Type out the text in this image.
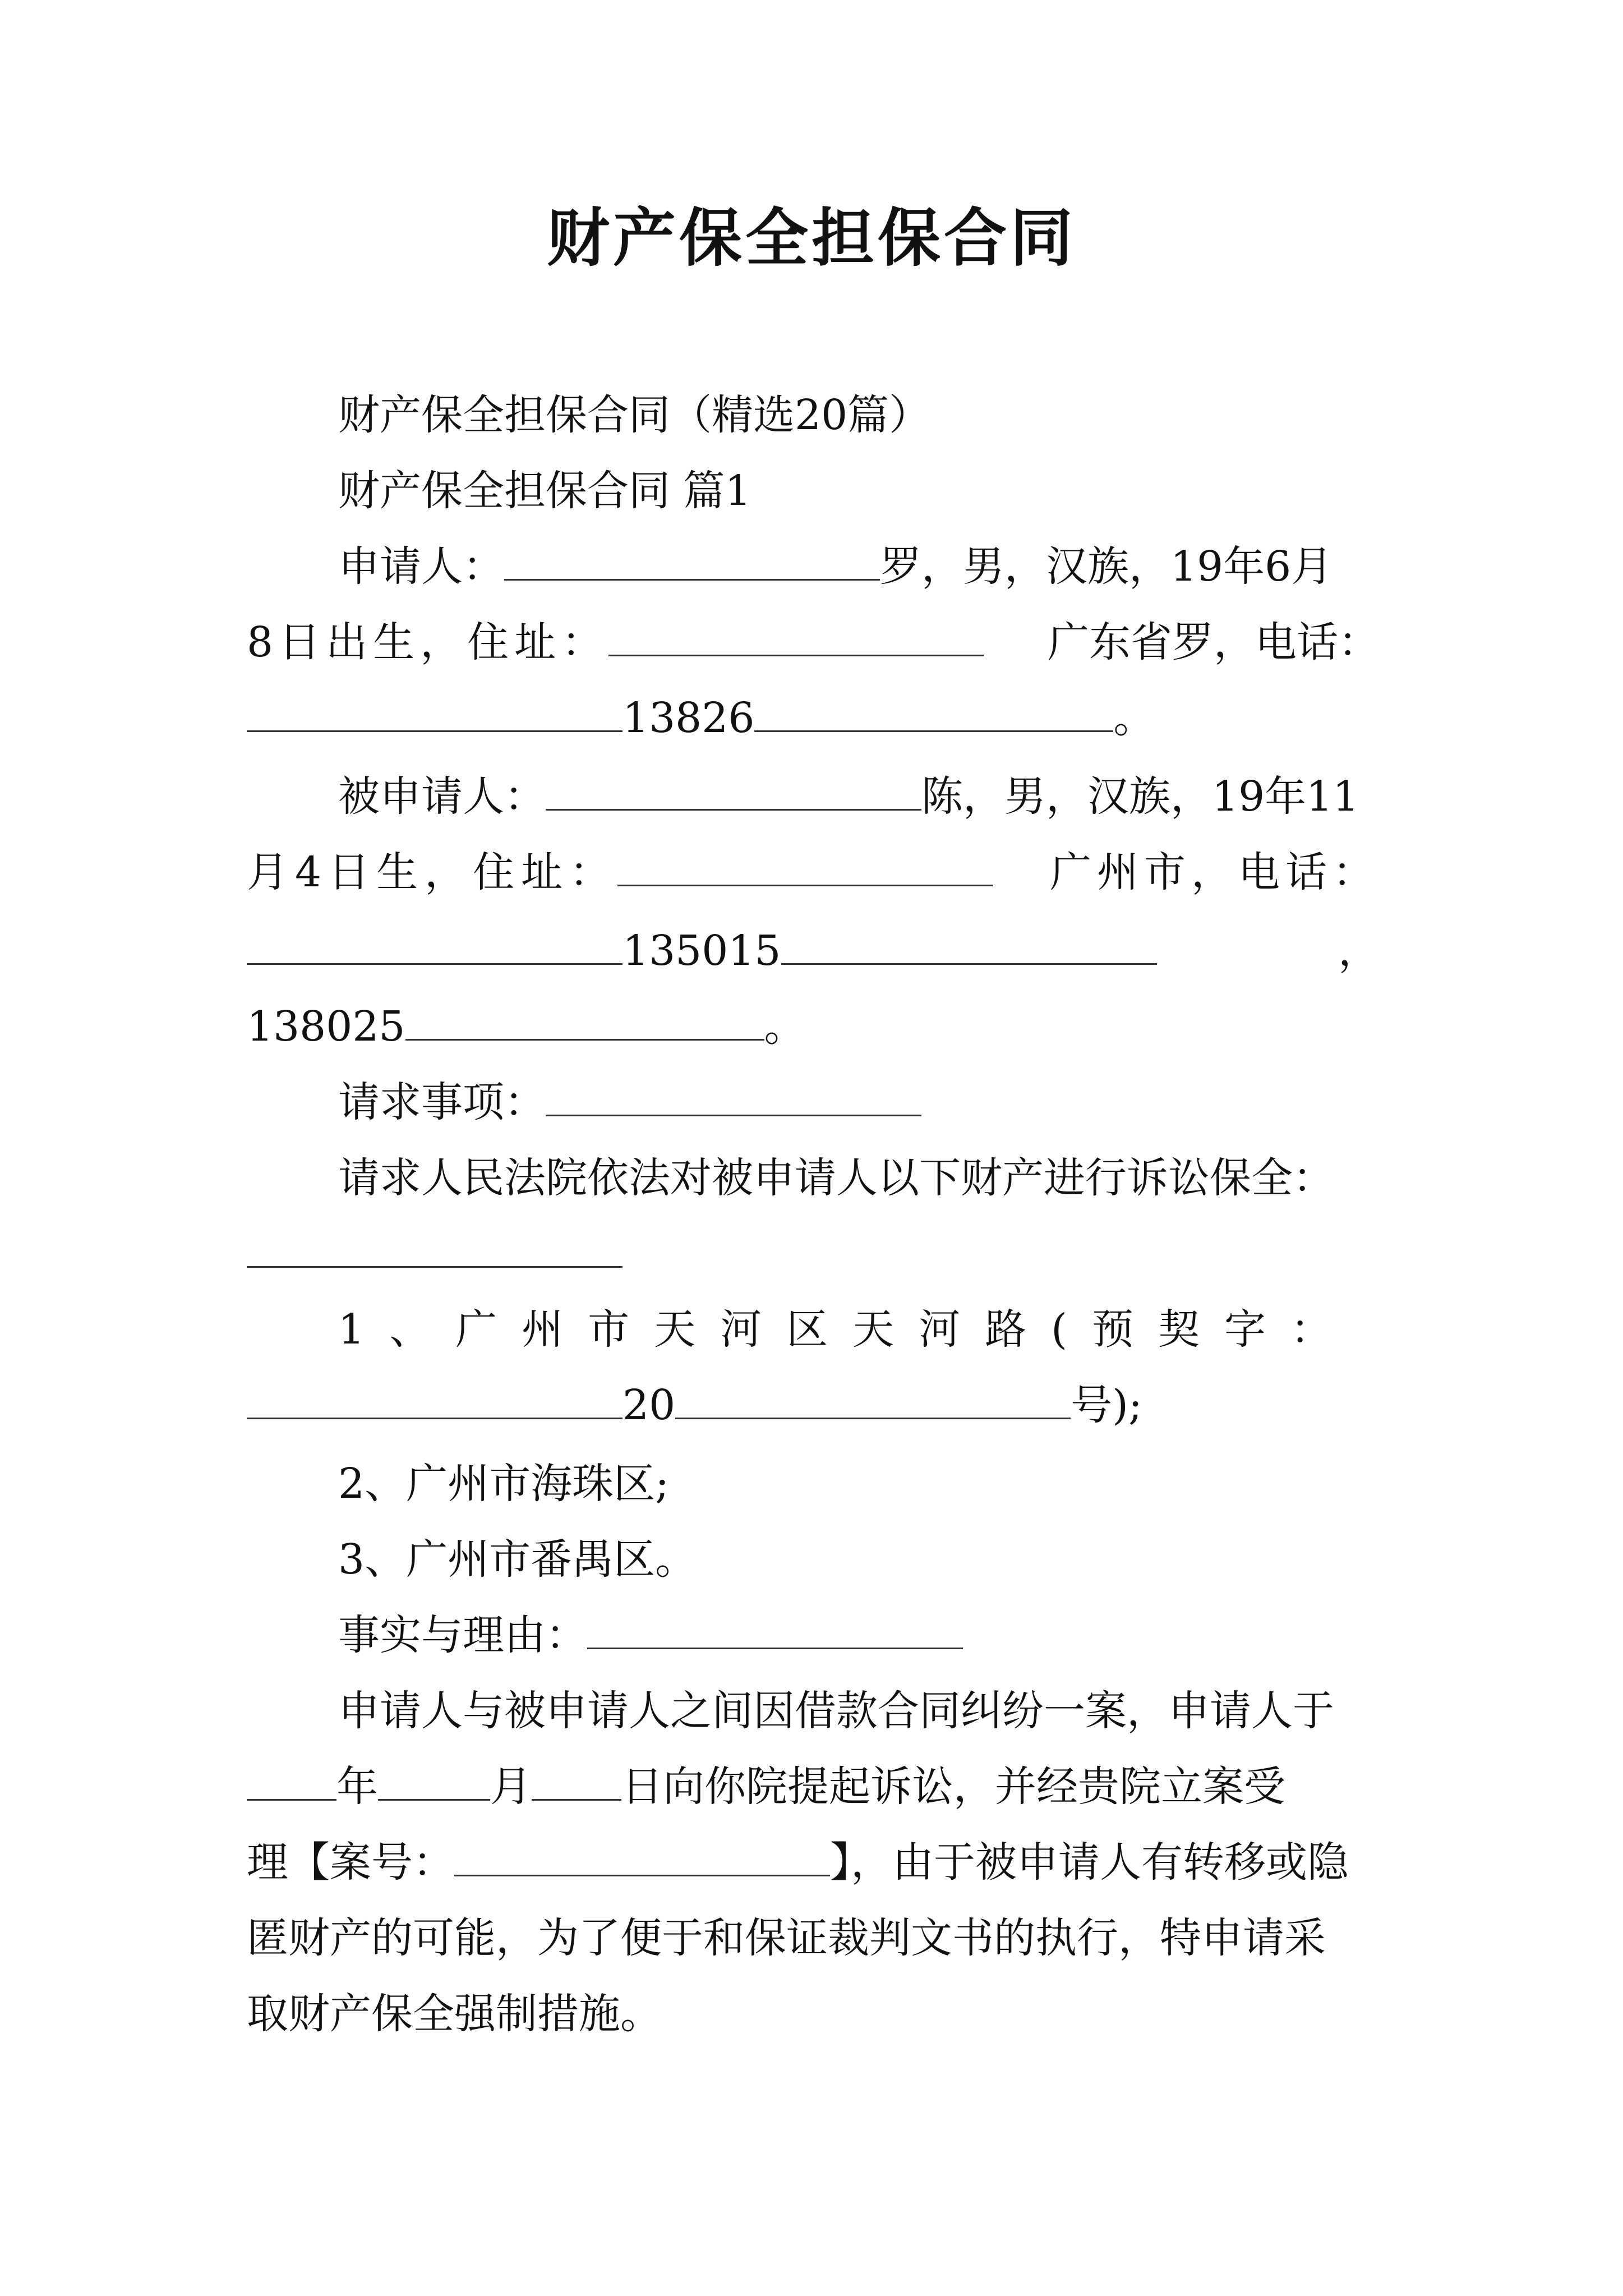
财产保全担保合同
财产保全担保合同（精选20篇）
财产保全担保合同 篇1
申请人：	罗，男，汉族，19年6月
8日出生，住址：	广东省罗，电话：
13826	。
被申请人：	陈，男，汉族，19年11
月4日生，住址：	广州市，电话：
135015	，
138025	。
请求事项：
请求人民法院依法对被申请人以下财产进行诉讼保全：
1、广州市天河区天河路(预契字：
20	号);
2、广州市海珠区;
3、广州市番禺区。
事实与理由：
申请人与被申请人之间因借款合同纠纷一案，申请人于
年	月 日向你院提起诉讼，并经贵院立案受
理【案号：	】，由于被申请人有转移或隐
匿财产的可能，为了便于和保证裁判文书的执行，特申请采
取财产保全强制措施。
